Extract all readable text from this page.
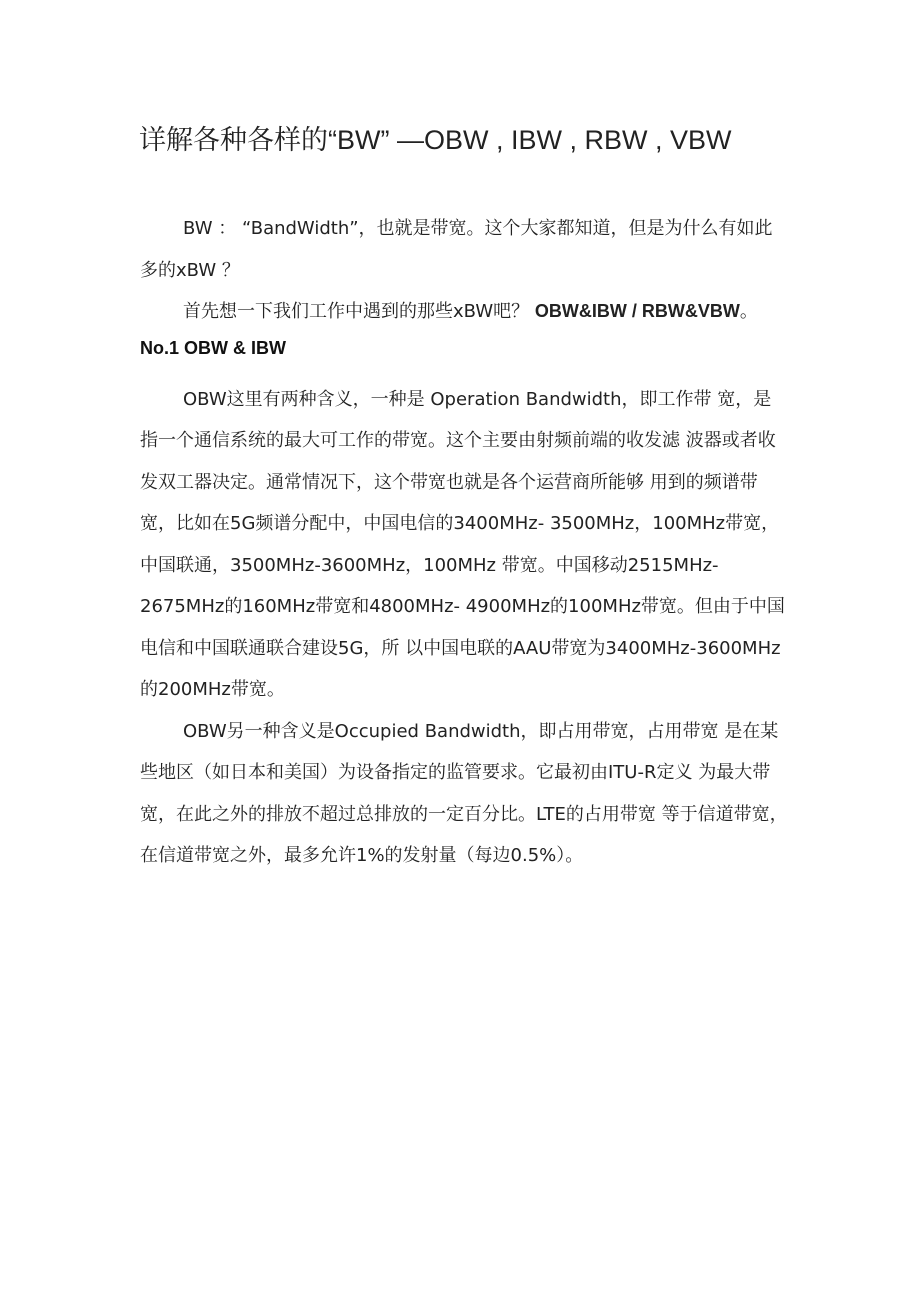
详解各种各样的“BW” —OBW , IBW , RBW , VBW

BW ： “BandWidth”，也就是带宽。这个大家都知道，但是为什么有如此多的xBW ？

首先想一下我们工作中遇到的那些xBW吧？ OBW&IBW / RBW&VBW。

No.1 OBW & IBW

OBW这里有两种含义，一种是 Operation Bandwidth，即工作带 宽，是指一个通信系统的最大可工作的带宽。这个主要由射频前端的收发滤 波器或者收发双工器决定。通常情况下，这个带宽也就是各个运营商所能够 用到的频谱带宽，比如在5G频谱分配中，中国电信的3400MHz- 3500MHz，100MHz带宽，中国联通，3500MHz-3600MHz，100MHz 带宽。中国移动2515MHz-2675MHz的160MHz带宽和4800MHz- 4900MHz的100MHz带宽。但由于中国电信和中国联通联合建设5G，所 以中国电联的AAU带宽为3400MHz-3600MHz的200MHz带宽。

OBW另一种含义是Occupied Bandwidth，即占用带宽，占用带宽 是在某些地区（如日本和美国）为设备指定的监管要求。它最初由ITU-R定义 为最大带宽，在此之外的排放不超过总排放的一定百分比。LTE的占用带宽 等于信道带宽，在信道带宽之外，最多允许1%的发射量（每边0.5%）。
